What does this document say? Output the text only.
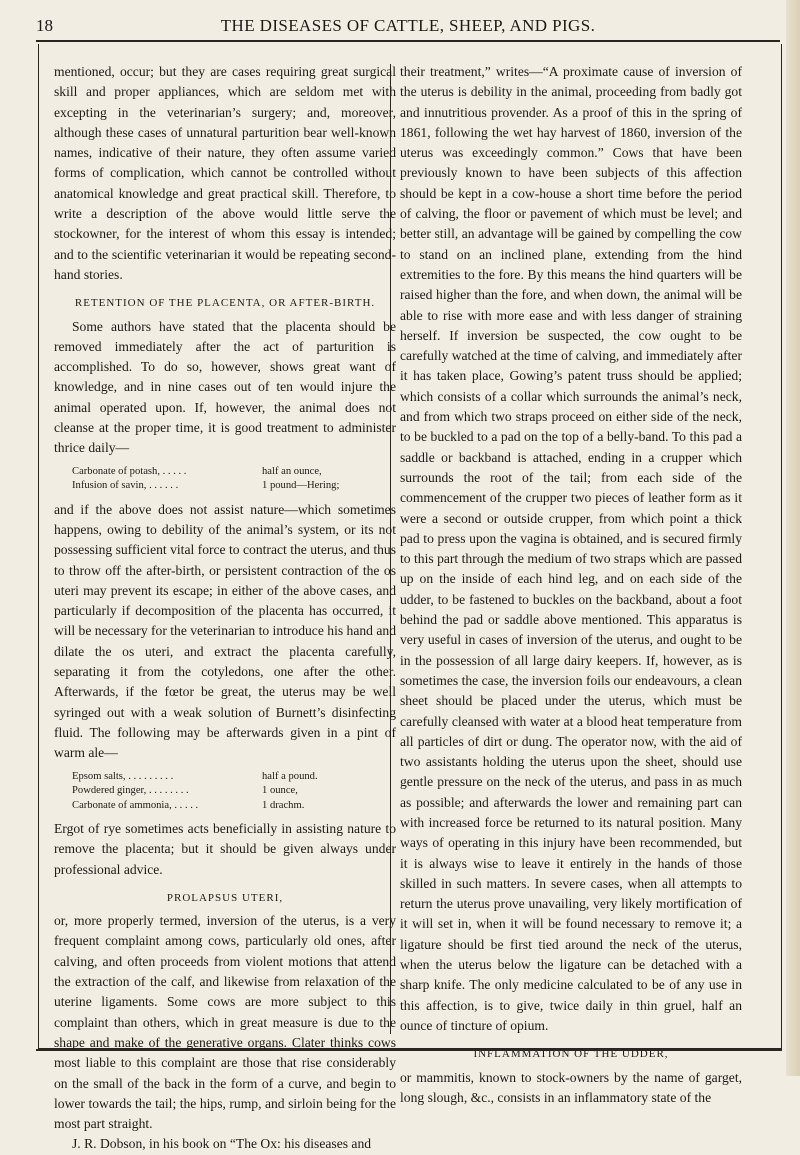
18	THE DISEASES OF CATTLE, SHEEP, AND PIGS.

mentioned, occur; but they are cases requiring great surgical skill and proper appliances, which are seldom met with excepting in the veterinarian’s surgery; and, moreover, although these cases of unnatural parturition bear well-known names, indicative of their nature, they often assume varied forms of complication, which cannot be controlled without anatomical knowledge and great practical skill. Therefore, to write a description of the above would little serve the stockowner, for the interest of whom this essay is intended; and to the scientific veterinarian it would be repeating second-hand stories.

RETENTION OF THE PLACENTA, OR AFTER-BIRTH.

Some authors have stated that the placenta should be removed immediately after the act of parturition is accomplished. To do so, however, shows great want of knowledge, and in nine cases out of ten would injure the animal operated upon. If, however, the animal does not cleanse at the proper time, it is good treatment to administer thrice daily—

Carbonate of potash, . . . . .	half an ounce,
Infusion of savin, . . . . . .	1 pound—Hering;

and if the above does not assist nature—which sometimes happens, owing to debility of the animal’s system, or its not possessing sufficient vital force to contract the uterus, and thus to throw off the after-birth, or persistent contraction of the os uteri may prevent its escape; in either of the above cases, and particularly if decomposition of the placenta has occurred, it will be necessary for the veterinarian to introduce his hand and dilate the os uteri, and extract the placenta carefully, separating it from the cotyledons, one after the other. Afterwards, if the fœtor be great, the uterus may be well syringed out with a weak solution of Burnett’s disinfecting fluid. The following may be afterwards given in a pint of warm ale—

Epsom salts, . . . . . . . . .	half a pound.
Powdered ginger, . . . . . . . .	1 ounce,
Carbonate of ammonia, . . . . .	1 drachm.

Ergot of rye sometimes acts beneficially in assisting nature to remove the placenta; but it should be given always under professional advice.

PROLAPSUS UTERI,

or, more properly termed, inversion of the uterus, is a very frequent complaint among cows, particularly old ones, after calving, and often proceeds from violent motions that attend the extraction of the calf, and likewise from relaxation of the uterine ligaments. Some cows are more subject to this complaint than others, which in great measure is due to the shape and make of the generative organs. Clater thinks cows most liable to this complaint are those that rise considerably on the small of the back in the form of a curve, and begin to lower towards the tail; the hips, rump, and sirloin being for the most part straight.

J. R. Dobson, in his book on “The Ox: his diseases and

their treatment,” writes—“A proximate cause of inversion of the uterus is debility in the animal, proceeding from badly got and innutritious provender. As a proof of this in the spring of 1861, following the wet hay harvest of 1860, inversion of the uterus was exceedingly common.” Cows that have been previously known to have been subjects of this affection should be kept in a cow-house a short time before the period of calving, the floor or pavement of which must be level; and better still, an advantage will be gained by compelling the cow to stand on an inclined plane, extending from the hind extremities to the fore. By this means the hind quarters will be raised higher than the fore, and when down, the animal will be able to rise with more ease and with less danger of straining herself. If inversion be suspected, the cow ought to be carefully watched at the time of calving, and immediately after it has taken place, Gowing’s patent truss should be applied; which consists of a collar which surrounds the animal’s neck, and from which two straps proceed on either side of the neck, to be buckled to a pad on the top of a belly-band. To this pad a saddle or backband is attached, ending in a crupper which surrounds the root of the tail; from each side of the commencement of the crupper two pieces of leather form as it were a second or outside crupper, from which point a thick pad to press upon the vagina is obtained, and is secured firmly to this part through the medium of two straps which are passed up on the inside of each hind leg, and on each side of the udder, to be fastened to buckles on the backband, about a foot behind the pad or saddle above mentioned. This apparatus is very useful in cases of inversion of the uterus, and ought to be in the possession of all large dairy keepers. If, however, as is sometimes the case, the inversion foils our endeavours, a clean sheet should be placed under the uterus, which must be carefully cleansed with water at a blood heat temperature from all particles of dirt or dung. The operator now, with the aid of two assistants holding the uterus upon the sheet, should use gentle pressure on the neck of the uterus, and pass in as much as possible; and afterwards the lower and remaining part can with increased force be returned to its natural position. Many ways of operating in this injury have been recommended, but it is always wise to leave it entirely in the hands of those skilled in such matters. In severe cases, when all attempts to return the uterus prove unavailing, very likely mortification of it will set in, when it will be found necessary to remove it; a ligature should be first tied around the neck of the uterus, when the uterus below the ligature can be detached with a sharp knife. The only medicine calculated to be of any use in this affection, is to give, twice daily in thin gruel, half an ounce of tincture of opium.

INFLAMMATION OF THE UDDER,

or mammitis, known to stock-owners by the name of garget, long slough, &c., consists in an inflammatory state of the
